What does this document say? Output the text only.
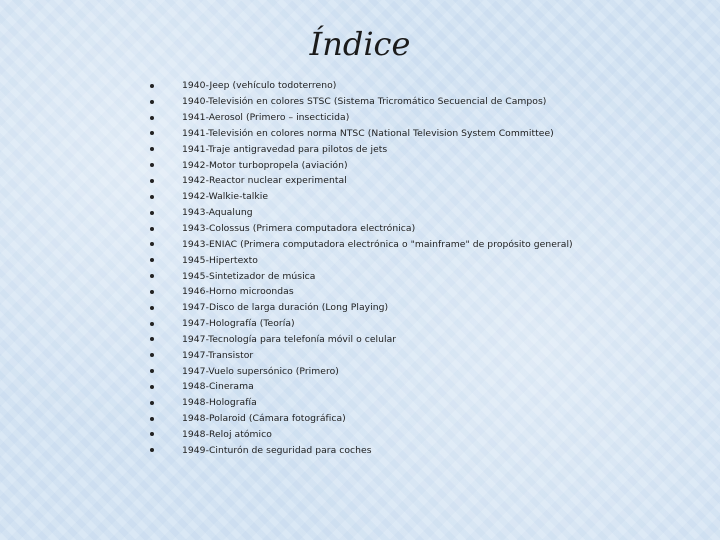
Índice
1940-Jeep (vehículo todoterreno)
1940-Televisión en colores STSC (Sistema Tricromático Secuencial de Campos)
1941-Aerosol (Primero – insecticida)
1941-Televisión en colores norma NTSC (National Television System Committee)
1941-Traje antigravedad para pilotos de jets
1942-Motor turbopropela (aviación)
1942-Reactor nuclear experimental
1942-Walkie-talkie
1943-Aqualung
1943-Colossus (Primera computadora electrónica)
1943-ENIAC (Primera computadora electrónica o "mainframe" de propósito general)
1945-Hipertexto
1945-Sintetizador de música
1946-Horno microondas
1947-Disco de larga duración (Long Playing)
1947-Holografía (Teoría)
1947-Tecnología para telefonía móvil o celular
1947-Transistor
1947-Vuelo supersónico (Primero)
1948-Cinerama
1948-Holografía
1948-Polaroid (Cámara fotográfica)
1948-Reloj atómico
1949-Cinturón de seguridad para coches
